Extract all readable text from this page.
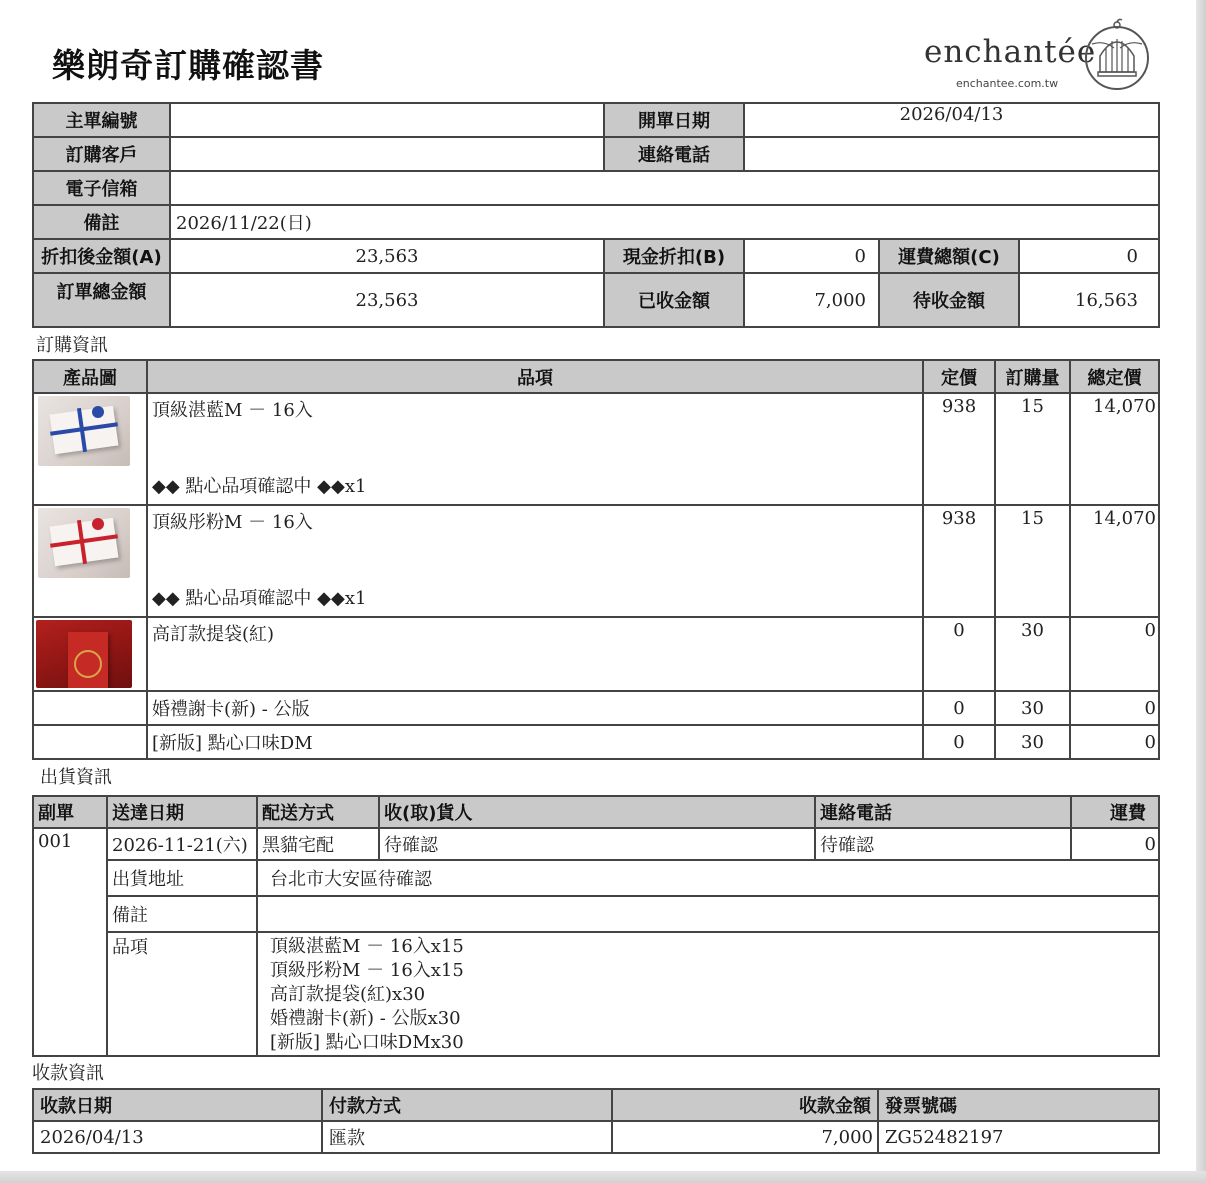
樂朗奇訂購確認書	enchantée
enchantee.com.tw
主單編號		開單日期	2026/04/13		
訂購客戶		連絡電話			
電子信箱					
備註	2026/11/22(日)				
折扣後金額(A)	23,563	現金折扣(B)	0	運費總額(C)	0
訂單總金額	23,563	已收金額	7,000	待收金額	16,563
訂購資訊
產品圖	品項	定價	訂購量	總定價

	頂級湛藍M － 16入
◆◆ 點心品項確認中 ◆◆x1	938	15	14,070

	頂級彤粉M － 16入
◆◆ 點心品項確認中 ◆◆x1	938	15	14,070

	高訂款提袋(紅)	0	30	0
	婚禮謝卡(新) - 公版	0	30	0
	[新版] 點心口味DM	0	30	0
出貨資訊
副單	送達日期	配送方式	收(取)貨人	連絡電話	運費
001	2026-11-21(六)	黑貓宅配	待確認	待確認	0
	出貨地址	台北市大安區待確認			
	備註				
	品項	頂級湛藍M － 16入x15
頂級彤粉M － 16入x15
高訂款提袋(紅)x30
婚禮謝卡(新) - 公版x30
[新版] 點心口味DMx30			
收款資訊
收款日期	付款方式	收款金額	發票號碼
2026/04/13	匯款	7,000	ZG52482197
